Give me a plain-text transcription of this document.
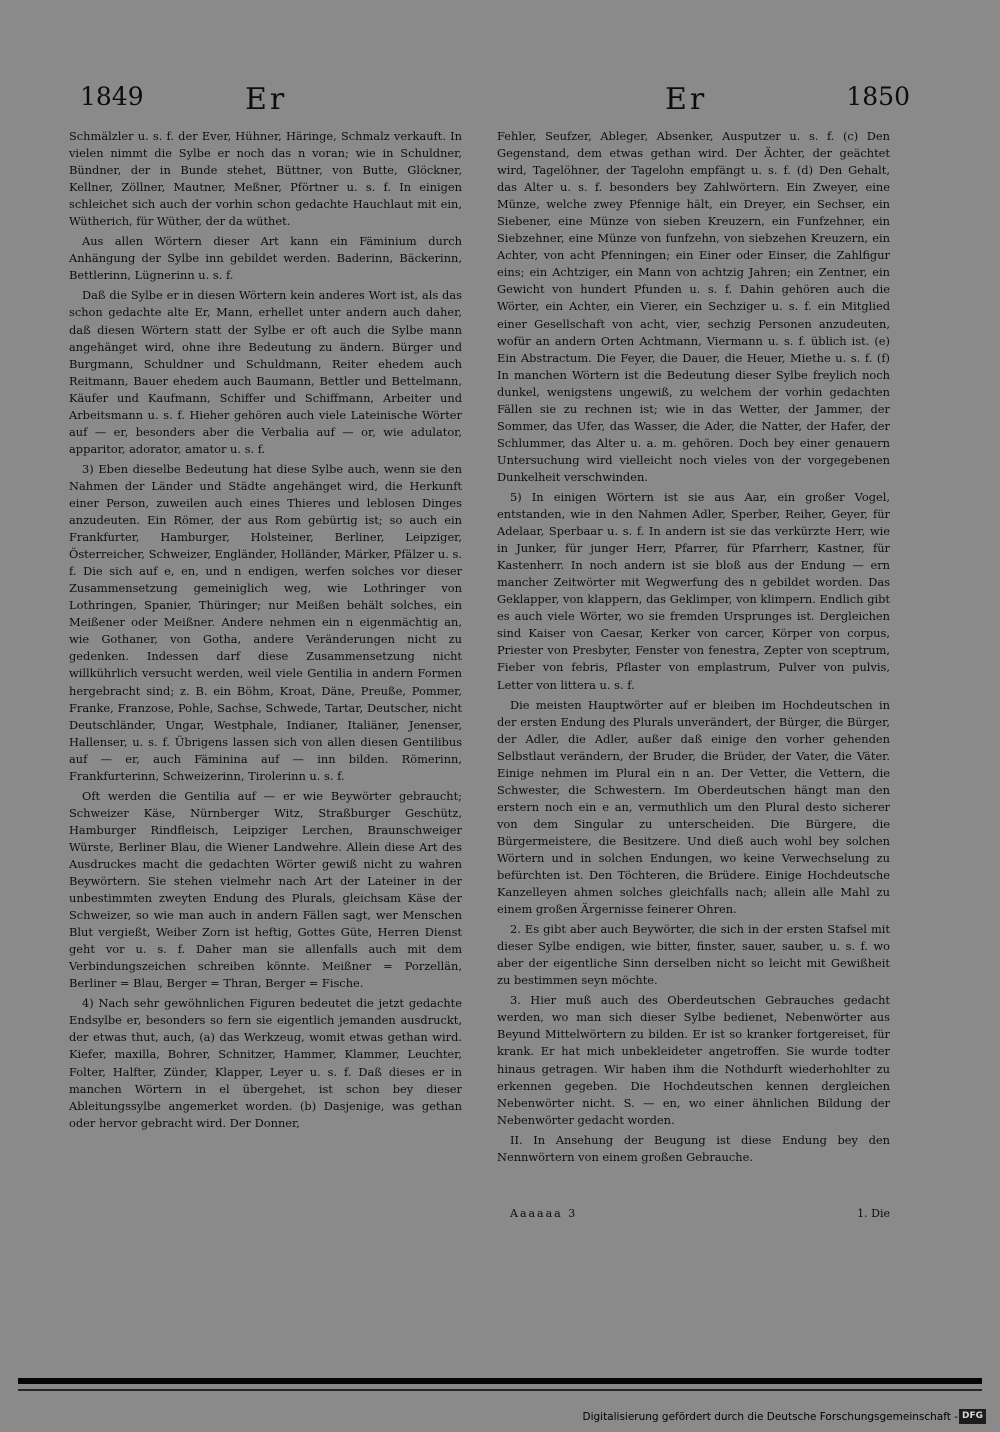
1849	Er	Er	1850

Schmälzler u. s. f. der Ever, Hühner, Häringe, Schmalz verkauft. In vielen nimmt die Sylbe er noch das n voran; wie in Schuldner, Bündner, der in Bunde stehet, Büttner, von Butte, Glöckner, Kellner, Zöllner, Mautner, Meßner, Pförtner u. s. f. In einigen schleichet sich auch der vorhin schon gedachte Hauchlaut mit ein, Wütherich, für Wüther, der da wüthet.

Aus allen Wörtern dieser Art kann ein Fäminium durch Anhängung der Sylbe inn gebildet werden. Baderinn, Bäckerinn, Bettlerinn, Lügnerinn u. s. f.

Daß die Sylbe er in diesen Wörtern kein anderes Wort ist, als das schon gedachte alte Er, Mann, erhellet unter andern auch daher, daß diesen Wörtern statt der Sylbe er oft auch die Sylbe mann angehänget wird, ohne ihre Bedeutung zu ändern. Bürger und Burgmann, Schuldner und Schuldmann, Reiter ehedem auch Reitmann, Bauer ehedem auch Baumann, Bettler und Bettelmann, Käufer und Kaufmann, Schiffer und Schiffmann, Arbeiter und Arbeitsmann u. s. f. Hieher gehören auch viele Lateinische Wörter auf — er, besonders aber die Verbalia auf — or, wie adulator, apparitor, adorator, amator u. s. f.

3) Eben dieselbe Bedeutung hat diese Sylbe auch, wenn sie den Nahmen der Länder und Städte angehänget wird, die Herkunft einer Person, zuweilen auch eines Thieres und leblosen Dinges anzudeuten. Ein Römer, der aus Rom gebürtig ist; so auch ein Frankfurter, Hamburger, Holsteiner, Berliner, Leipziger, Österreicher, Schweizer, Engländer, Holländer, Märker, Pfälzer u. s. f. Die sich auf e, en, und n endigen, werfen solches vor dieser Zusammensetzung gemeiniglich weg, wie Lothringer von Lothringen, Spanier, Thüringer; nur Meißen behält solches, ein Meißener oder Meißner. Andere nehmen ein n eigenmächtig an, wie Gothaner, von Gotha, andere Veränderungen nicht zu gedenken. Indessen darf diese Zusammensetzung nicht willkührlich versucht werden, weil viele Gentilia in andern Formen hergebracht sind; z. B. ein Böhm, Kroat, Däne, Preuße, Pommer, Franke, Franzose, Pohle, Sachse, Schwede, Tartar, Deutscher, nicht Deutschländer, Ungar, Westphale, Indianer, Italiäner, Jenenser, Hallenser, u. s. f. Übrigens lassen sich von allen diesen Gentilibus auf — er, auch Fäminina auf — inn bilden. Römerinn, Frankfurterinn, Schweizerinn, Tirolerinn u. s. f.

Oft werden die Gentilia auf — er wie Beywörter gebraucht; Schweizer Käse, Nürnberger Witz, Straßburger Geschütz, Hamburger Rindfleisch, Leipziger Lerchen, Braunschweiger Würste, Berliner Blau, die Wiener Landwehre. Allein diese Art des Ausdruckes macht die gedachten Wörter gewiß nicht zu wahren Beywörtern. Sie stehen vielmehr nach Art der Lateiner in der unbestimmten zweyten Endung des Plurals, gleichsam Käse der Schweizer, so wie man auch in andern Fällen sagt, wer Menschen Blut vergießt, Weiber Zorn ist heftig, Gottes Güte, Herren Dienst geht vor u. s. f. Daher man sie allenfalls auch mit dem Verbindungszeichen schreiben könnte. Meißner = Porzellän, Berliner = Blau, Berger = Thran, Berger = Fische.

4) Nach sehr gewöhnlichen Figuren bedeutet die jetzt gedachte Endsylbe er, besonders so fern sie eigentlich jemanden ausdruckt, der etwas thut, auch, (a) das Werkzeug, womit etwas gethan wird. Kiefer, maxilla, Bohrer, Schnitzer, Hammer, Klammer, Leuchter, Folter, Halfter, Zünder, Klapper, Leyer u. s. f. Daß dieses er in manchen Wörtern in el übergehet, ist schon bey dieser Ableitungssylbe angemerket worden. (b) Dasjenige, was gethan oder hervor gebracht wird. Der Donner,

Fehler, Seufzer, Ableger, Absenker, Ausputzer u. s. f. (c) Den Gegenstand, dem etwas gethan wird. Der Ächter, der geächtet wird, Tagelöhner, der Tagelohn empfängt u. s. f. (d) Den Gehalt, das Alter u. s. f. besonders bey Zahlwörtern. Ein Zweyer, eine Münze, welche zwey Pfennige hält, ein Dreyer, ein Sechser, ein Siebener, eine Münze von sieben Kreuzern, ein Funfzehner, ein Siebzehner, eine Münze von funfzehn, von siebzehen Kreuzern, ein Achter, von acht Pfenningen; ein Einer oder Einser, die Zahlfigur eins; ein Achtziger, ein Mann von achtzig Jahren; ein Zentner, ein Gewicht von hundert Pfunden u. s. f. Dahin gehören auch die Wörter, ein Achter, ein Vierer, ein Sechziger u. s. f. ein Mitglied einer Gesellschaft von acht, vier, sechzig Personen anzudeuten, wofür an andern Orten Achtmann, Viermann u. s. f. üblich ist. (e) Ein Abstractum. Die Feyer, die Dauer, die Heuer, Miethe u. s. f. (f) In manchen Wörtern ist die Bedeutung dieser Sylbe freylich noch dunkel, wenigstens ungewiß, zu welchem der vorhin gedachten Fällen sie zu rechnen ist; wie in das Wetter, der Jammer, der Sommer, das Ufer, das Wasser, die Ader, die Natter, der Hafer, der Schlummer, das Alter u. a. m. gehören. Doch bey einer genauern Untersuchung wird vielleicht noch vieles von der vorgegebenen Dunkelheit verschwinden.

5) In einigen Wörtern ist sie aus Aar, ein großer Vogel, entstanden, wie in den Nahmen Adler, Sperber, Reiher, Geyer, für Adelaar, Sperbaar u. s. f. In andern ist sie das verkürzte Herr, wie in Junker, für junger Herr, Pfarrer, für Pfarrherr, Kastner, für Kastenherr. In noch andern ist sie bloß aus der Endung — ern mancher Zeitwörter mit Wegwerfung des n gebildet worden. Das Geklapper, von klappern, das Geklimper, von klimpern. Endlich gibt es auch viele Wörter, wo sie fremden Ursprunges ist. Dergleichen sind Kaiser von Caesar, Kerker von carcer, Körper von corpus, Priester von Presbyter, Fenster von fenestra, Zepter von sceptrum, Fieber von febris, Pflaster von emplastrum, Pulver von pulvis, Letter von littera u. s. f.

Die meisten Hauptwörter auf er bleiben im Hochdeutschen in der ersten Endung des Plurals unverändert, der Bürger, die Bürger, der Adler, die Adler, außer daß einige den vorher gehenden Selbstlaut verändern, der Bruder, die Brüder, der Vater, die Väter. Einige nehmen im Plural ein n an. Der Vetter, die Vettern, die Schwester, die Schwestern. Im Oberdeutschen hängt man den erstern noch ein e an, vermuthlich um den Plural desto sicherer von dem Singular zu unterscheiden. Die Bürgere, die Bürgermeistere, die Besitzere. Und dieß auch wohl bey solchen Wörtern und in solchen Endungen, wo keine Verwechselung zu befürchten ist. Den Töchteren, die Brüdere. Einige Hochdeutsche Kanzelleyen ahmen solches gleichfalls nach; allein alle Mahl zu einem großen Ärgernisse feinerer Ohren.

2. Es gibt aber auch Beywörter, die sich in der ersten Stafsel mit dieser Sylbe endigen, wie bitter, finster, sauer, sauber, u. s. f. wo aber der eigentliche Sinn derselben nicht so leicht mit Gewißheit zu bestimmen seyn möchte.

3. Hier muß auch des Oberdeutschen Gebrauches gedacht werden, wo man sich dieser Sylbe bedienet, Nebenwörter aus Beyund Mittelwörtern zu bilden. Er ist so kranker fortgereiset, für krank. Er hat mich unbekleideter angetroffen. Sie wurde todter hinaus getragen. Wir haben ihm die Nothdurft wiederhohlter zu erkennen gegeben. Die Hochdeutschen kennen dergleichen Nebenwörter nicht. S. — en, wo einer ähnlichen Bildung der Nebenwörter gedacht worden.

II. In Ansehung der Beugung ist diese Endung bey den Nennwörtern von einem großen Gebrauche.

Aaaaaa 3	1. Die
Digitalisierung gefördert durch die Deutsche Forschungsgemeinschaft - DFG
